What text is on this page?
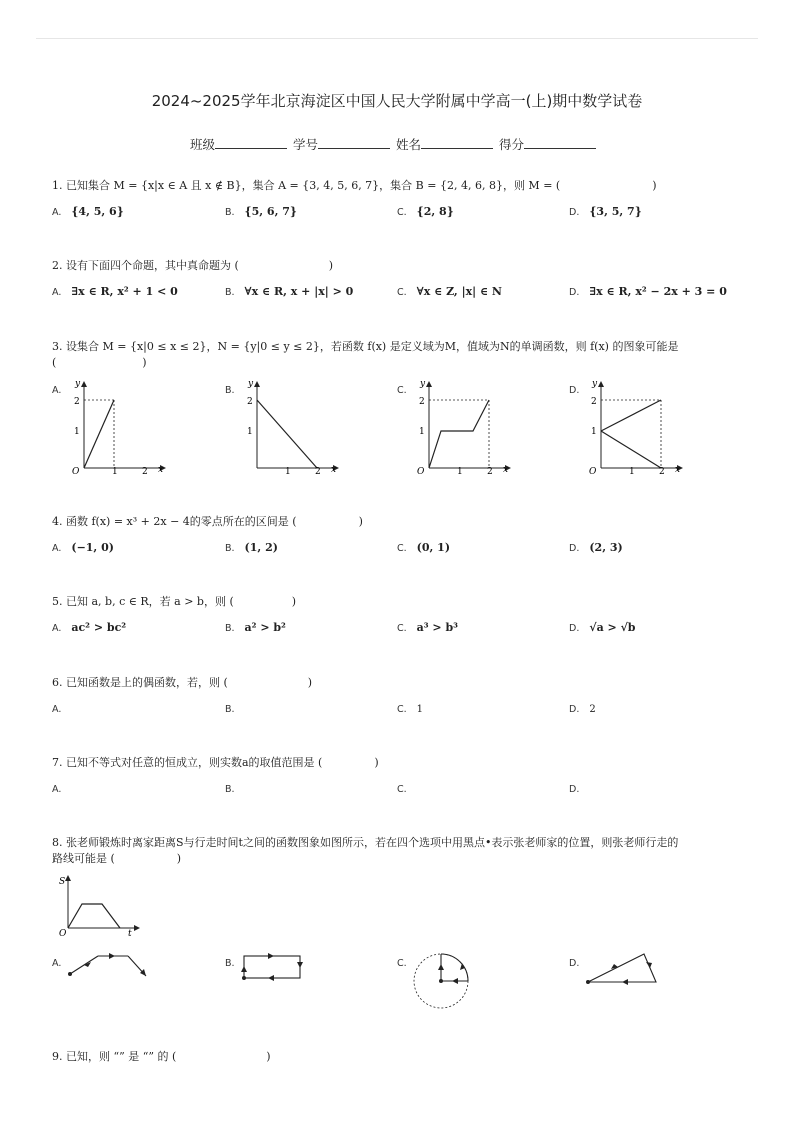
2024~2025学年北京海淀区中国人民大学附属中学高一(上)期中数学试卷
班级	学号	姓名	得分
1. 已知集合 M = {x|x ∈ A 且 x ∉ B}，集合 A = {3, 4, 5, 6, 7}，集合 B = {2, 4, 6, 8}，则 M = (	)
A. {4, 5, 6}	B. {5, 6, 7}	C. {2, 8}	D. {3, 5, 7}
2. 设有下面四个命题，其中真命题为 (	)
A. ∃x ∈ R, x² + 1 < 0	B. ∀x ∈ R, x + |x| > 0	C. ∀x ∈ Z, |x| ∈ N	D. ∃x ∈ R, x² − 2x + 3 = 0
3. 设集合 M = {x|0 ≤ x ≤ 2}，N = {y|0 ≤ y ≤ 2}，若函数 f(x) 是定义域为M，值域为N的单调函数，则 f(x) 的图象可能是
(	)
A.
y
2
1
O	1	2 x
B.
y
2
1
1	2 x
C.
y
2
1
O	1	2 x
D.
y
2
1
O	1	2 x
4. 函数 f(x) = x³ + 2x − 4的零点所在的区间是 (	)
A. (−1, 0)	B. (1, 2)	C. (0, 1)	D. (2, 3)
5. 已知 a, b, c ∈ R，若 a > b，则 (	)
A. ac² > bc²	B. a² > b²	C. a³ > b³	D. √a > √b
6. 已知函数是上的偶函数，若，则 (	)
A.	B.	C. 1	D. 2
7. 已知不等式对任意的恒成立，则实数a的取值范围是 (	)
A.	B.	C.	D.
8. 张老师锻炼时离家距离S与行走时间t之间的函数图象如图所示，若在四个选项中用黑点•表示张老师家的位置，则张老师行走的
路线可能是 (	)
S
O	t
A.	B.	C.	D.
9. 已知，则 “” 是 “” 的 (	)
